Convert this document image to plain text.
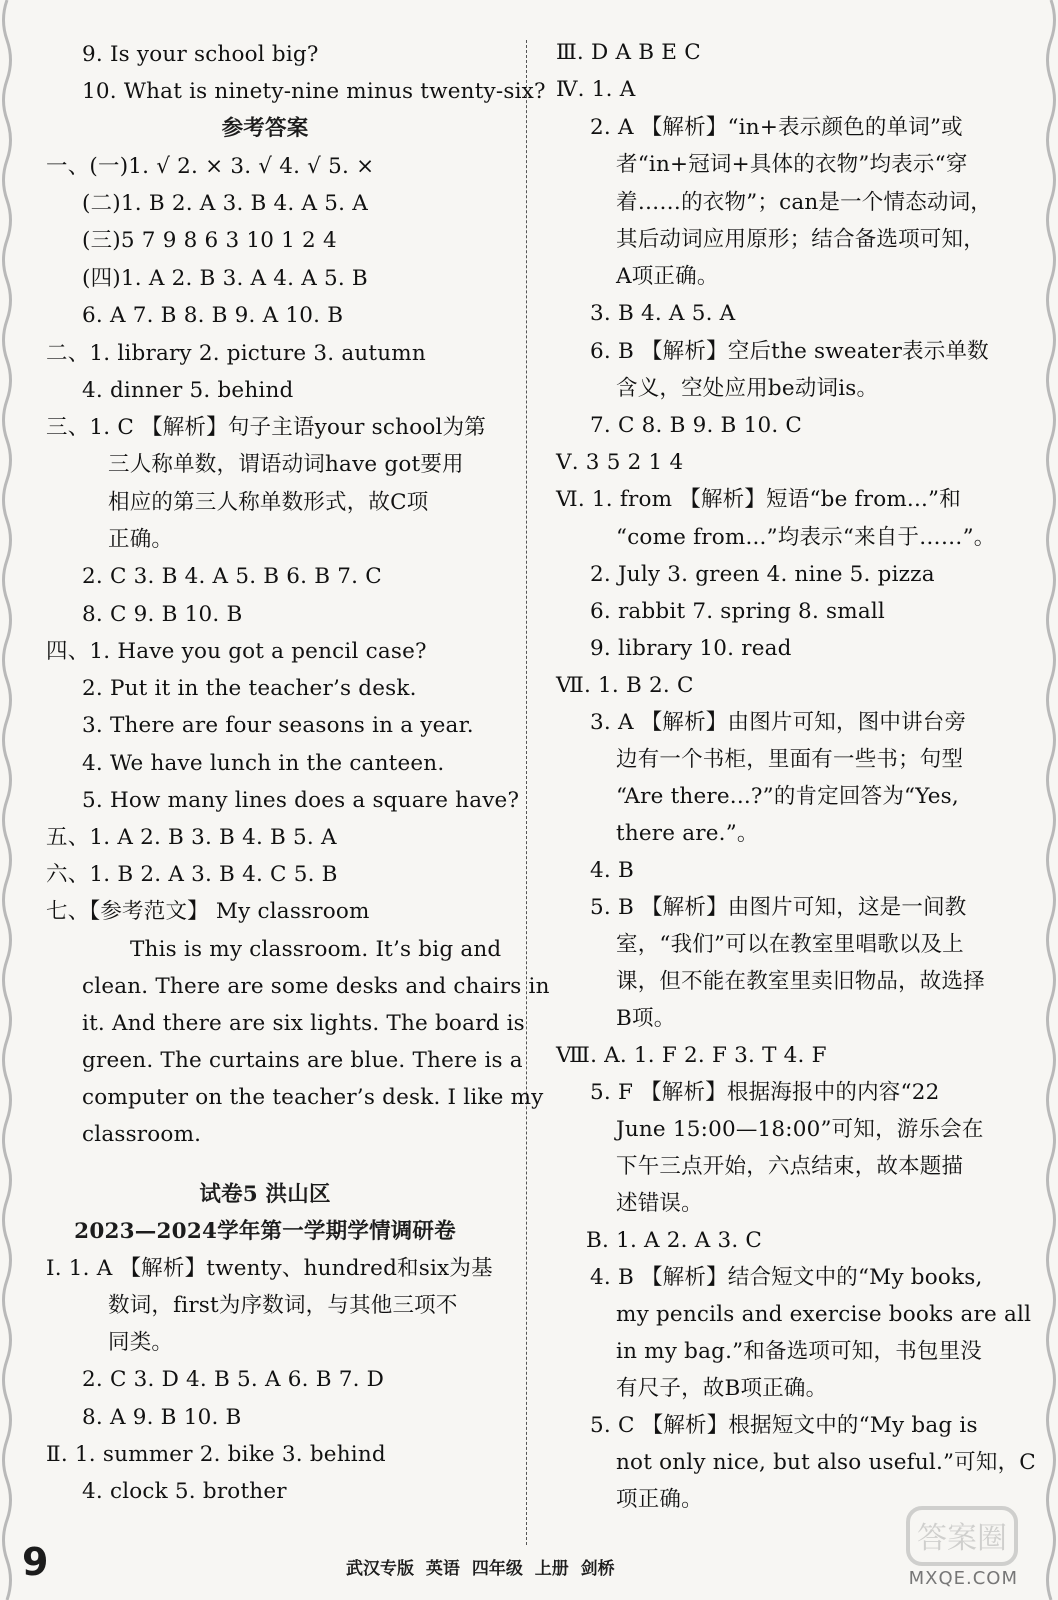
9. Is your school big?
10. What is ninety-nine minus twenty-six?
参考答案
一、(一)1. √ 2. × 3. √ 4. √ 5. ×
(二)1. B 2. A 3. B 4. A 5. A
(三)5 7 9 8 6 3 10 1 2 4
(四)1. A 2. B 3. A 4. A 5. B
6. A 7. B 8. B 9. A 10. B
二、1. library 2. picture 3. autumn
4. dinner 5. behind
三、1. C 【解析】句子主语your school为第
三人称单数，谓语动词have got要用
相应的第三人称单数形式，故C项
正确。
2. C 3. B 4. A 5. B 6. B 7. C
8. C 9. B 10. B
四、1. Have you got a pencil case?
2. Put it in the teacher’s desk.
3. There are four seasons in a year.
4. We have lunch in the canteen.
5. How many lines does a square have?
五、1. A 2. B 3. B 4. B 5. A
六、1. B 2. A 3. B 4. C 5. B
七、【参考范文】 My classroom
This is my classroom. It’s big and
clean. There are some desks and chairs in
it. And there are six lights. The board is
green. The curtains are blue. There is a
computer on the teacher’s desk. I like my
classroom.
试卷5 洪山区
2023—2024学年第一学期学情调研卷
Ⅰ. 1. A 【解析】twenty、hundred和six为基
数词，first为序数词，与其他三项不
同类。
2. C 3. D 4. B 5. A 6. B 7. D
8. A 9. B 10. B
Ⅱ. 1. summer 2. bike 3. behind
4. clock 5. brother
Ⅲ. D A B E C
Ⅳ. 1. A
2. A 【解析】“in+表示颜色的单词”或
者“in+冠词+具体的衣物”均表示“穿
着……的衣物”；can是一个情态动词，
其后动词应用原形；结合备选项可知，
A项正确。
3. B 4. A 5. A
6. B 【解析】空后the sweater表示单数
含义，空处应用be动词is。
7. C 8. B 9. B 10. C
Ⅴ. 3 5 2 1 4
Ⅵ. 1. from 【解析】短语“be from...”和
“come from...”均表示“来自于……”。
2. July 3. green 4. nine 5. pizza
6. rabbit 7. spring 8. small
9. library 10. read
Ⅶ. 1. B 2. C
3. A 【解析】由图片可知，图中讲台旁
边有一个书柜，里面有一些书；句型
“Are there...?”的肯定回答为“Yes,
there are.”。
4. B
5. B 【解析】由图片可知，这是一间教
室，“我们”可以在教室里唱歌以及上
课，但不能在教室里卖旧物品，故选择
B项。
Ⅷ. A. 1. F 2. F 3. T 4. F
5. F 【解析】根据海报中的内容“22
June 15:00—18:00”可知，游乐会在
下午三点开始，六点结束，故本题描
述错误。
B. 1. A 2. A 3. C
4. B 【解析】结合短文中的“My books,
my pencils and exercise books are all
in my bag.”和备选项可知，书包里没
有尺子，故B项正确。
5. C 【解析】根据短文中的“My bag is
not only nice, but also useful.”可知，C
项正确。
答案圈
MXQE.COM
9	武汉专版 英语 四年级 上册 剑桥
